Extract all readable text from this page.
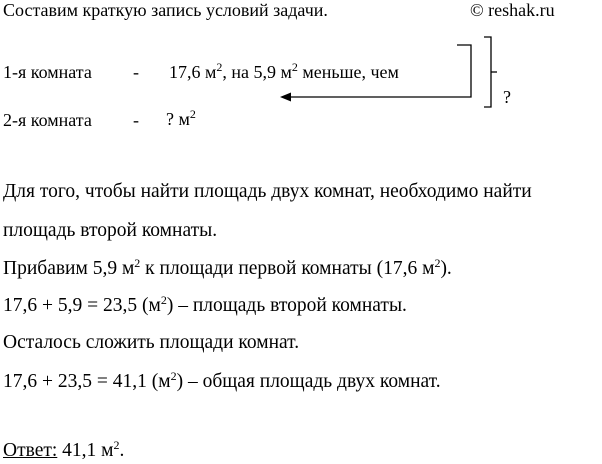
Составим краткую запись условий задачи.	© reshak.ru
1-я комната - 17,6 $м^2$, на 5,9 $м^2$ меньше, чем
2-я комната - ? $м^2$
?
Для того, чтобы найти площадь двух комнат, необходимо найти
площадь второй комнаты.
Прибавим 5,9 $м^2$ к площади первой комнаты (17,6 $м^2$).
17,6 + 5,9 = 23,5 $(м^2)$ – площадь второй комнаты.
Осталось сложить площади комнат.
17,6 + 23,5 = 41,1 $(м^2)$ – общая площадь двух комнат.
Ответ: 41,1 $м^2$.
